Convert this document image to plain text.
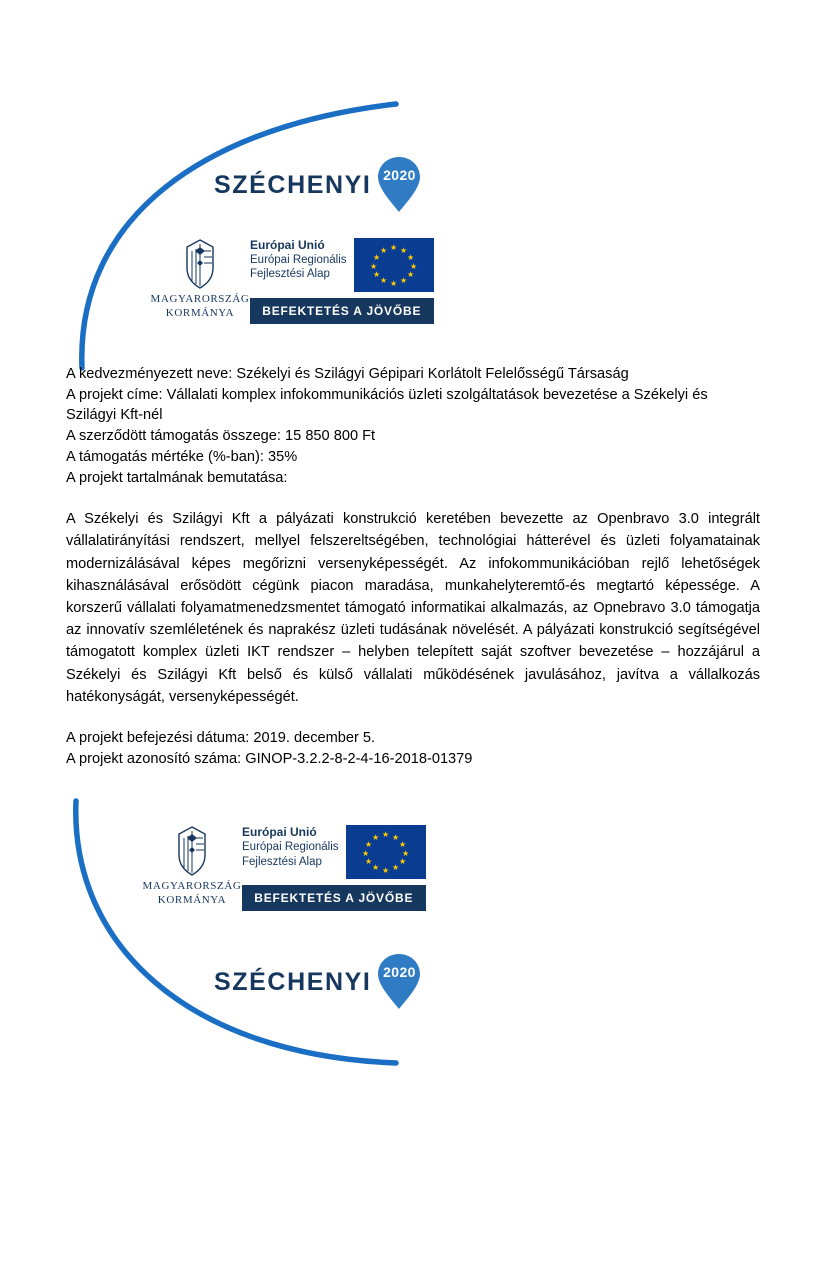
SZÉCHENYI 2020
MAGYARORSZÁG
KORMÁNYA
Európai Unió
Európai Regionális
Fejlesztési Alap
★
★ ★
★	★
★	★
★	★
★ ★
★
BEFEKTETÉS A JÖVŐBE

A kedvezményezett neve: Székelyi és Szilágyi Gépipari Korlátolt Felelősségű Társaság

A projekt címe: Vállalati komplex infokommunikációs üzleti szolgáltatások bevezetése a Székelyi és Szilágyi Kft-nél

A szerződött támogatás összege: 15 850 800 Ft

A támogatás mértéke (%-ban): 35%

A projekt tartalmának bemutatása:

A Székelyi és Szilágyi Kft a pályázati konstrukció keretében bevezette az Openbravo 3.0 integrált vállalatirányítási rendszert, mellyel felszereltségében, technológiai hátterével és üzleti folyamatainak modernizálásával képes megőrizni versenyképességét. Az infokommunikációban rejlő lehetőségek kihasználásával erősödött cégünk piacon maradása, munkahelyteremtő-és megtartó képessége. A korszerű vállalati folyamatmenedzsmentet támogató informatikai alkalmazás, az Opnebravo 3.0 támogatja az innovatív szemléletének és naprakész üzleti tudásának növelését. A pályázati konstrukció segítségével támogatott komplex üzleti IKT rendszer – helyben telepített saját szoftver bevezetése – hozzájárul a Székelyi és Szilágyi Kft belső és külső vállalati működésének javulásához, javítva a vállalkozás hatékonyságát, versenyképességét.

A projekt befejezési dátuma: 2019. december 5.

A projekt azonosító száma: GINOP-3.2.2-8-2-4-16-2018-01379

MAGYARORSZÁG
KORMÁNYA
Európai Unió
Európai Regionális
Fejlesztési Alap
★
★ ★
★	★
★	★
★	★
★ ★
★
BEFEKTETÉS A JÖVŐBE
SZÉCHENYI 2020
